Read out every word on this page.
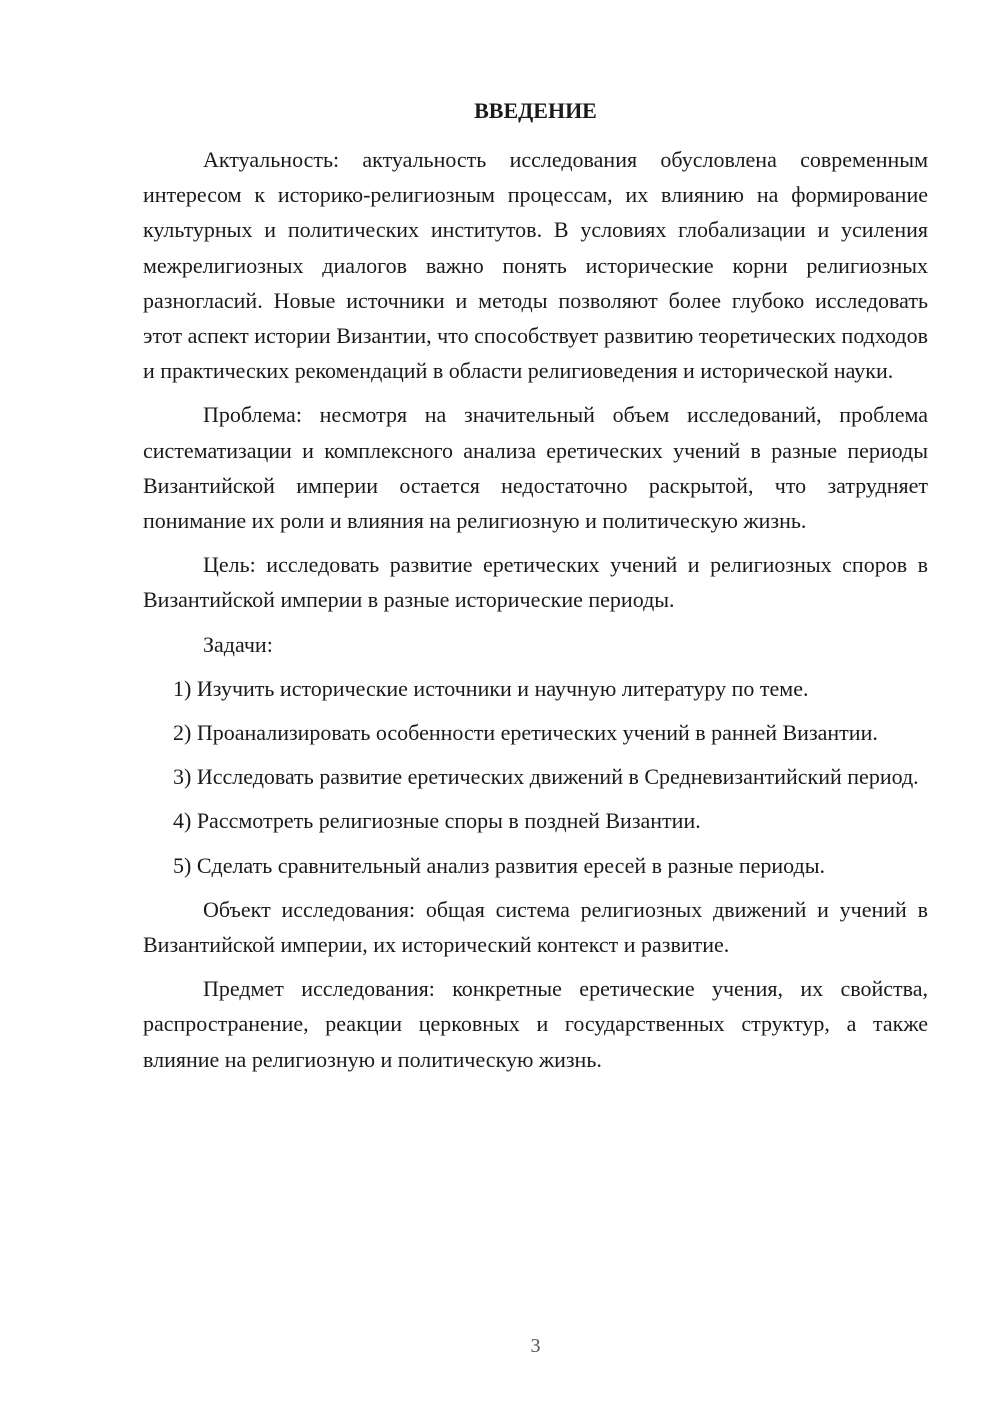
ВВЕДЕНИЕ

Актуальность: актуальность исследования обусловлена современным интересом к историко-религиозным процессам, их влиянию на формирование культурных и политических институтов. В условиях глобализации и усиления межрелигиозных диалогов важно понять исторические корни религиозных разногласий. Новые источники и методы позволяют более глубоко исследовать этот аспект истории Византии, что способствует развитию теоретических подходов и практических рекомендаций в области религиоведения и исторической науки.

Проблема: несмотря на значительный объем исследований, проблема систематизации и комплексного анализа еретических учений в разные периоды Византийской империи остается недостаточно раскрытой, что затрудняет понимание их роли и влияния на религиозную и политическую жизнь.

Цель: исследовать развитие еретических учений и религиозных споров в Византийской империи в разные исторические периоды.

Задачи:

1) Изучить исторические источники и научную литературу по теме.

2) Проанализировать особенности еретических учений в ранней Византии.

3) Исследовать развитие еретических движений в Средневизантийский период.

4) Рассмотреть религиозные споры в поздней Византии.

5) Сделать сравнительный анализ развития ересей в разные периоды.

Объект исследования: общая система религиозных движений и учений в Византийской империи, их исторический контекст и развитие.

Предмет исследования: конкретные еретические учения, их свойства, распространение, реакции церковных и государственных структур, а также влияние на религиозную и политическую жизнь.

3
